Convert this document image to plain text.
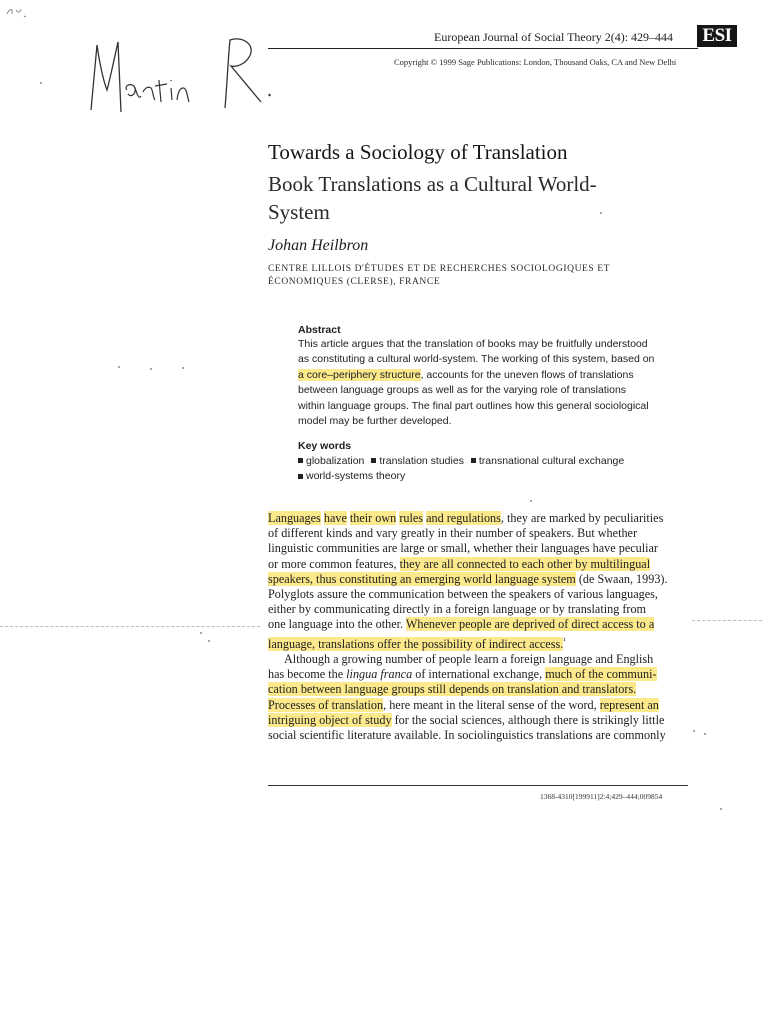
European Journal of Social Theory 2(4): 429–444 ESI
Copyright © 1999 Sage Publications: London, Thousand Oaks, CA and New Delhi
Towards a Sociology of Translation
Book Translations as a Cultural World-System
Johan Heilbron
CENTRE LILLOIS D'ÉTUDES ET DE RECHERCHES SOCIOLOGIQUES ET
ÉCONOMIQUES (CLERSE), FRANCE
Abstract
This article argues that the translation of books may be fruitfully understood
as constituting a cultural world-system. The working of this system, based on
a core–periphery structure, accounts for the uneven flows of translations
between language groups as well as for the varying role of translations
within language groups. The final part outlines how this general sociological
model may be further developed.
Key words
globalization translation studies transnational cultural exchange
world-systems theory
Languages have their own rules and regulations, they are marked by peculiarities
of different kinds and vary greatly in their number of speakers. But whether
linguistic communities are large or small, whether their languages have peculiar
or more common features, they are all connected to each other by multilingual
speakers, thus constituting an emerging world language system (de Swaan, 1993).
Polyglots assure the communication between the speakers of various languages,
either by communicating directly in a foreign language or by translating from
one language into the other. Whenever people are deprived of direct access to a
language, translations offer the possibility of indirect access.$^{^1}$
Although a growing number of people learn a foreign language and English
has become the lingua franca of international exchange, much of the communi-
cation between language groups still depends on translation and translators.
Processes of translation, here meant in the literal sense of the word, represent an
intriguing object of study for the social sciences, although there is strikingly little
social scientific literature available. In sociolinguistics translations are commonly
1368-4310[199911]2:4;429–444;009854
